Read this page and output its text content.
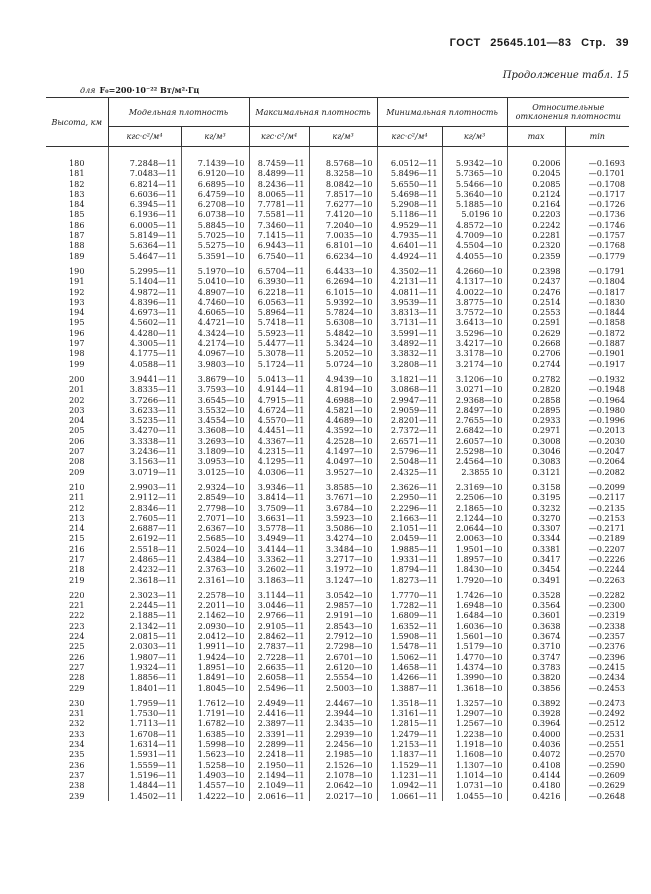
ГОСТ 25645.101—83 Стр. 39
Продолжение табл. 15
для F₀=200·10⁻²² Вт/м²·Гц
Высота, км	Модельная плотность		Максимальная плотность		Минимальная плотность		Относительные отклонения плотности	
	кгс·с²/м⁴	кг/м³	кгс·с²/м⁴	кг/м³	кгс·с²/м⁴	кг/м³	max	min

180	7.2848—11	7.1439—10	8.7459—11	8.5768—10	6.0512—11	5.9342—10	0.2006	—0.1693
181	7.0483—11	6.9120—10	8.4899—11	8.3258—10	5.8496—11	5.7365—10	0.2045	—0.1701
182	6.8214—11	6.6895—10	8.2436—11	8.0842—10	5.6550—11	5.5466—10	0.2085	—0.1708
183	6.6036—11	6.4759—10	8.0065—11	7.8517—10	5.4698—11	5.3640—10	0.2124	—0.1717
184	6.3945—11	6.2708—10	7.7781—11	7.6277—10	5.2908—11	5.1885—10	0.2164	—0.1726
185	6.1936—11	6.0738—10	7.5581—11	7.4120—10	5.1186—11	5.0196 10	0.2203	—0.1736
186	6.0005—11	5.8845—10	7.3460—11	7.2040—10	4.9529—11	4.8572—10	0.2242	—0.1746
187	5.8149—11	5.7025—10	7.1415—11	7.0035—10	4.7935—11	4.7009—10	0.2281	—0.1757
188	5.6364—11	5.5275—10	6.9443—11	6.8101—10	4.6401—11	4.5504—10	0.2320	—0.1768
189	5.4647—11	5.3591—10	6.7540—11	6.6234—10	4.4924—11	4.4055—10	0.2359	—0.1779

190	5.2995—11	5.1970—10	6.5704—11	6.4433—10	4.3502—11	4.2660—10	0.2398	—0.1791
191	5.1404—11	5.0410—10	6.3930—11	6.2694—10	4.2131—11	4.1317—10	0.2437	—0.1804
192	4.9872—11	4.8907—10	6.2218—11	6.1015—10	4.0811—11	4.0022—10	0.2476	—0.1817
193	4.8396—11	4.7460—10	6.0563—11	5.9392—10	3.9539—11	3.8775—10	0.2514	—0.1830
194	4.6973—11	4.6065—10	5.8964—11	5.7824—10	3.8313—11	3.7572—10	0.2553	—0.1844
195	4.5602—11	4.4721—10	5.7418—11	5.6308—10	3.7131—11	3.6413—10	0.2591	—0.1858
196	4.4280—11	4.3424—10	5.5923—11	5.4842—10	3.5991—11	3.5296—10	0.2629	—0.1872
197	4.3005—11	4.2174—10	5.4477—11	5.3424—10	3.4892—11	3.4217—10	0.2668	—0.1887
198	4.1775—11	4.0967—10	5.3078—11	5.2052—10	3.3832—11	3.3178—10	0.2706	—0.1901
199	4.0588—11	3.9803—10	5.1724—11	5.0724—10	3.2808—11	3.2174—10	0.2744	—0.1917

200	3.9441—11	3.8679—10	5.0413—11	4.9439—10	3.1821—11	3.1206—10	0.2782	—0.1932
201	3.8335—11	3.7593—10	4.9144—11	4.8194—10	3.0868—11	3.0271—10	0.2820	—0.1948
202	3.7266—11	3.6545—10	4.7915—11	4.6988—10	2.9947—11	2.9368—10	0.2858	—0.1964
203	3.6233—11	3.5532—10	4.6724—11	4.5821—10	2.9059—11	2.8497—10	0.2895	—0.1980
204	3.5235—11	3.4554—10	4.5570—11	4.4689—10	2.8201—11	2.7655—10	0.2933	—0.1996
205	3.4270—11	3.3608—10	4.4451—11	4.3592—10	2.7372—11	2.6842—10	0.2971	—0.2013
206	3.3338—11	3.2693—10	4.3367—11	4.2528—10	2.6571—11	2.6057—10	0.3008	—0.2030
207	3.2436—11	3.1809—10	4.2315—11	4.1497—10	2.5796—11	2.5298—10	0.3046	—0.2047
208	3.1563—11	3.0953—10	4.1295—11	4.0497—10	2.5048—11	2.4564—10	0.3083	—0.2064
209	3.0719—11	3.0125—10	4.0306—11	3.9527—10	2.4325—11	2.3855 10	0.3121	—0.2082

210	2.9903—11	2.9324—10	3.9346—11	3.8585—10	2.3626—11	2.3169—10	0.3158	—0.2099
211	2.9112—11	2.8549—10	3.8414—11	3.7671—10	2.2950—11	2.2506—10	0.3195	—0.2117
212	2.8346—11	2.7798—10	3.7509—11	3.6784—10	2.2296—11	2.1865—10	0.3232	—0.2135
213	2.7605—11	2.7071—10	3.6631—11	3.5923—10	2.1663—11	2.1244—10	0.3270	—0.2153
214	2.6887—11	2.6367—10	3.5778—11	3.5086—10	2.1051—11	2.0644—10	0.3307	—0.2171
215	2.6192—11	2.5685—10	3.4949—11	3.4274—10	2.0459—11	2.0063—10	0.3344	—0.2189
216	2.5518—11	2.5024—10	3.4144—11	3.3484—10	1.9885—11	1.9501—10	0.3381	—0.2207
217	2.4865—11	2.4384—10	3.3362—11	3.2717—10	1.9331—11	1.8957—10	0.3417	—0.2226
218	2.4232—11	2.3763—10	3.2602—11	3.1972—10	1.8794—11	1.8430—10	0.3454	—0.2244
219	2.3618—11	2.3161—10	3.1863—11	3.1247—10	1.8273—11	1.7920—10	0.3491	—0.2263

220	2.3023—11	2.2578—10	3.1144—11	3.0542—10	1.7770—11	1.7426—10	0.3528	—0.2282
221	2.2445—11	2.2011—10	3.0446—11	2.9857—10	1.7282—11	1.6948—10	0.3564	—0.2300
222	2.1885—11	2.1462—10	2.9766—11	2.9191—10	1.6809—11	1.6484—10	0.3601	—0.2319
223	2.1342—11	2.0930—10	2.9105—11	2.8543—10	1.6352—11	1.6036—10	0.3638	—0.2338
224	2.0815—11	2.0412—10	2.8462—11	2.7912—10	1.5908—11	1.5601—10	0.3674	—0.2357
225	2.0303—11	1.9911—10	2.7837—11	2.7298—10	1.5478—11	1.5179—10	0.3710	—0.2376
226	1.9807—11	1.9424—10	2.7228—11	2.6701—10	1.5062—11	1.4770—10	0.3747	—0.2396
227	1.9324—11	1.8951—10	2.6635—11	2.6120—10	1.4658—11	1.4374—10	0.3783	—0.2415
228	1.8856—11	1.8491—10	2.6058—11	2.5554—10	1.4266—11	1.3990—10	0.3820	—0.2434
229	1.8401—11	1.8045—10	2.5496—11	2.5003—10	1.3887—11	1.3618—10	0.3856	—0.2453

230	1.7959—11	1.7612—10	2.4949—11	2.4467—10	1.3518—11	1.3257—10	0.3892	—0.2473
231	1.7530—11	1.7191—10	2.4416—11	2.3944—10	1.3161—11	1.2907—10	0.3928	—0.2492
232	1.7113—11	1.6782—10	2.3897—11	2.3435—10	1.2815—11	1.2567—10	0.3964	—0.2512
233	1.6708—11	1.6385—10	2.3391—11	2.2939—10	1.2479—11	1.2238—10	0.4000	—0.2531
234	1.6314—11	1.5998—10	2.2899—11	2.2456—10	1.2153—11	1.1918—10	0.4036	—0.2551
235	1.5931—11	1.5623—10	2.2418—11	2.1985—10	1.1837—11	1.1608—10	0.4072	—0.2570
236	1.5559—11	1.5258—10	2.1950—11	2.1526—10	1.1529—11	1.1307—10	0.4108	—0.2590
237	1.5196—11	1.4903—10	2.1494—11	2.1078—10	1.1231—11	1.1014—10	0.4144	—0.2609
238	1.4844—11	1.4557—10	2.1049—11	2.0642—10	1.0942—11	1.0731—10	0.4180	—0.2629
239	1.4502—11	1.4222—10	2.0616—11	2.0217—10	1.0661—11	1.0455—10	0.4216	—0.2648
